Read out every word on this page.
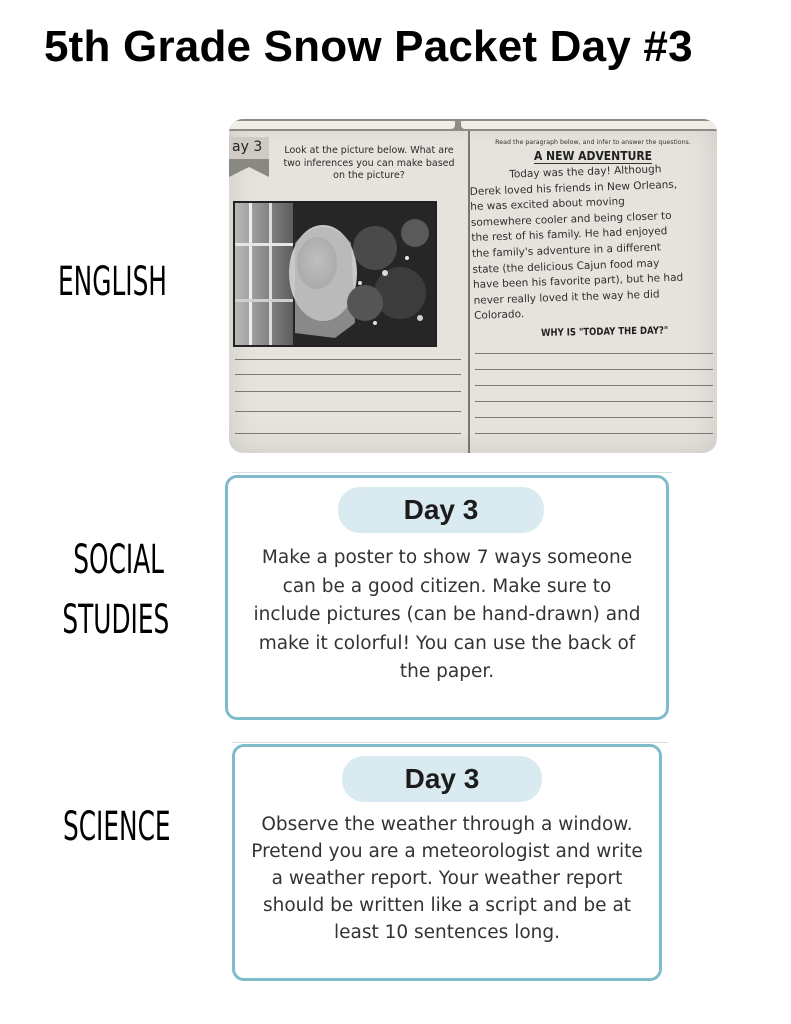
5th Grade Snow Packet Day #3
ENGLISH
SOCIAL
STUDIES
SCIENCE
ay 3	Look at the picture below. What are two inferences you can make based on the picture?
Read the paragraph below, and infer to answer the questions.
A NEW ADVENTURE
Today was the day! Although
Derek loved his friends in New Orleans,
he was excited about moving
somewhere cooler and being closer to
the rest of his family. He had enjoyed
the family's adventure in a different
state (the delicious Cajun food may
have been his favorite part), but he had
never really loved it the way he did
Colorado.
WHY IS "TODAY THE DAY?"
Day 3
Make a poster to show 7 ways someone
can be a good citizen. Make sure to
include pictures (can be hand-drawn) and
make it colorful! You can use the back of
the paper.
Day 3
Observe the weather through a window.
Pretend you are a meteorologist and write
a weather report. Your weather report
should be written like a script and be at
least 10 sentences long.
